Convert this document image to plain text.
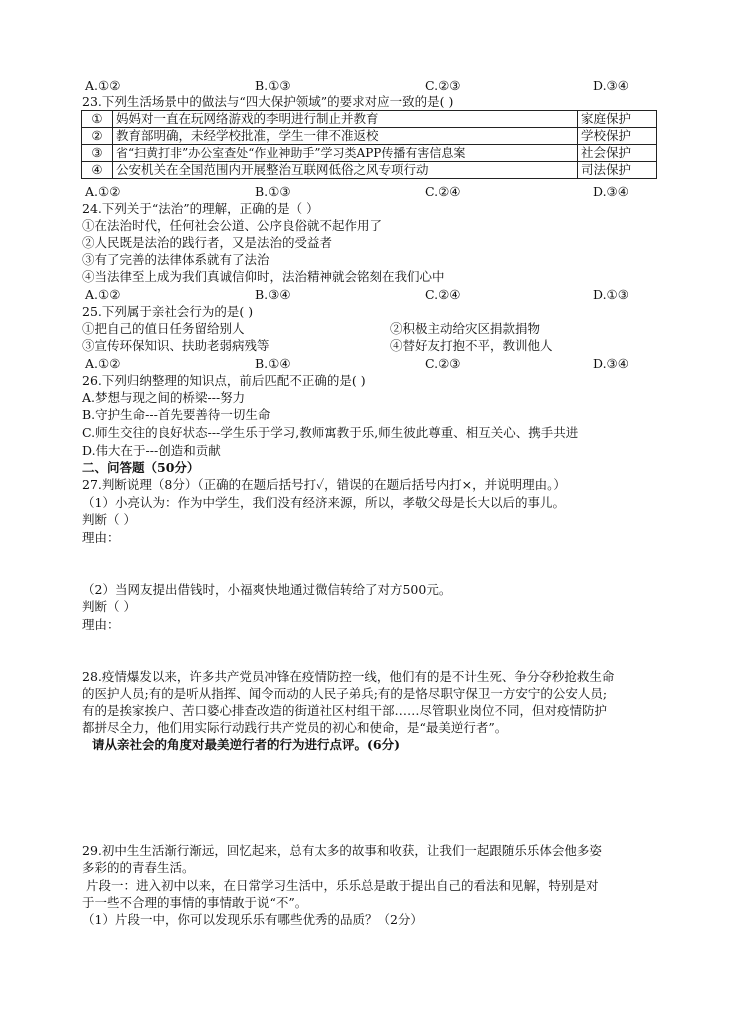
A.①②	B.①③	C.②③	D.③④
23.下列生活场景中的做法与“四大保护领域”的要求对应一致的是( )
①	妈妈对一直在玩网络游戏的李明进行制止并教育	家庭保护
②	教育部明确，未经学校批准，学生一律不准返校	学校保护
③	省“扫黄打非”办公室查处“作业神助手”学习类APP传播有害信息案	社会保护
④	公安机关在全国范围内开展整治互联网低俗之风专项行动	司法保护
A.①②	B.①③	C.②④	D.③④
24.下列关于“法治”的理解，正确的是（ ）
①在法治时代，任何社会公道、公序良俗就不起作用了
②人民既是法治的践行者，又是法治的受益者
③有了完善的法律体系就有了法治
④当法律至上成为我们真诚信仰时，法治精神就会铭刻在我们心中
A.①②	B.③④	C.②④	D.①③
25.下列属于亲社会行为的是( )
①把自己的值日任务留给别人	②积极主动给灾区捐款捐物
③宣传环保知识、扶助老弱病残等	④替好友打抱不平，教训他人
A.①②	B.①④	C.②③	D.③④
26.下列归纳整理的知识点，前后匹配不正确的是( )
A.梦想与现之间的桥梁---努力
B.守护生命---首先要善待一切生命
C.师生交往的良好状态---学生乐于学习,教师寓教于乐,师生彼此尊重、相互关心、携手共进
D.伟大在于---创造和贡献
二、问答题（50分）
27.判断说理（8分）（正确的在题后括号打✓，错误的在题后括号内打×，并说明理由。）
（1）小亮认为：作为中学生，我们没有经济来源，所以，孝敬父母是长大以后的事儿。
判断（ ）
理由：
（2）当网友提出借钱时，小福爽快地通过微信转给了对方500元。
判断（ ）
理由：
28.疫情爆发以来，许多共产党员冲锋在疫情防控一线，他们有的是不计生死、争分夺秒抢救生命
的医护人员;有的是听从指挥、闻令而动的人民子弟兵;有的是恪尽职守保卫一方安宁的公安人员;
有的是挨家挨户、苦口婆心排查改造的街道社区村组干部……尽管职业岗位不同，但对疫情防护
都拼尽全力，他们用实际行动践行共产党员的初心和使命，是“最美逆行者”。
请从亲社会的角度对最美逆行者的行为进行点评。(6分)
29.初中生生活渐行渐远，回忆起来，总有太多的故事和收获，让我们一起跟随乐乐体会他多姿
多彩的的青春生活。
片段一：进入初中以来，在日常学习生活中，乐乐总是敢于提出自己的看法和见解，特别是对
于一些不合理的事情的事情敢于说“不”。
（1）片段一中，你可以发现乐乐有哪些优秀的品质？（2分）
